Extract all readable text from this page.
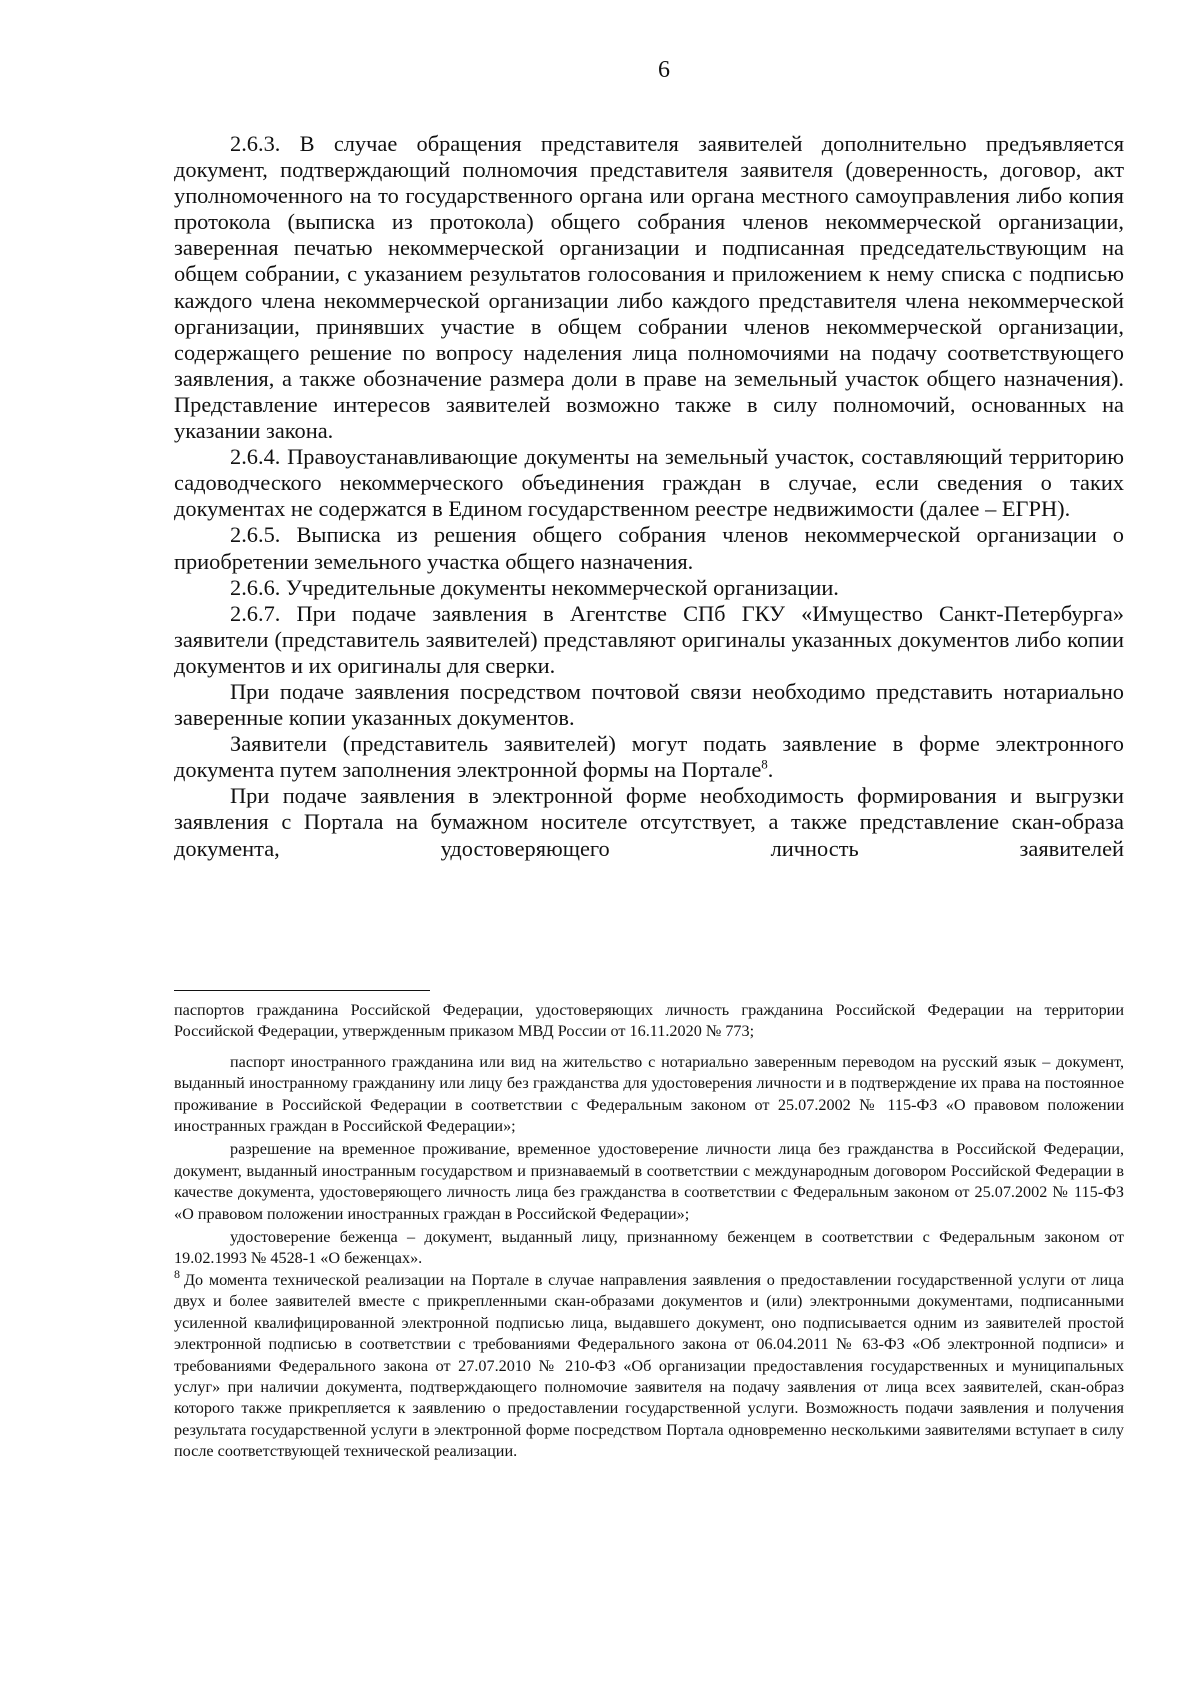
6

2.6.3. В случае обращения представителя заявителей дополнительно предъявляется документ, подтверждающий полномочия представителя заявителя (доверенность, договор, акт уполномоченного на то государственного органа или органа местного самоуправления либо копия протокола (выписка из протокола) общего собрания членов некоммерческой организации, заверенная печатью некоммерческой организации и подписанная председательствующим на общем собрании, с указанием результатов голосования и приложением к нему списка с подписью каждого члена некоммерческой организации либо каждого представителя члена некоммерческой организации, принявших участие в общем собрании членов некоммерческой организации, содержащего решение по вопросу наделения лица полномочиями на подачу соответствующего заявления, а также обозначение размера доли в праве на земельный участок общего назначения). Представление интересов заявителей возможно также в силу полномочий, основанных на указании закона.

2.6.4. Правоустанавливающие документы на земельный участок, составляющий территорию садоводческого некоммерческого объединения граждан в случае, если сведения о таких документах не содержатся в Едином государственном реестре недвижимости (далее – ЕГРН).

2.6.5. Выписка из решения общего собрания членов некоммерческой организации о приобретении земельного участка общего назначения.

2.6.6. Учредительные документы некоммерческой организации.

2.6.7. При подаче заявления в Агентстве СПб ГКУ «Имущество Санкт-Петербурга» заявители (представитель заявителей) представляют оригиналы указанных документов либо копии документов и их оригиналы для сверки.

При подаче заявления посредством почтовой связи необходимо представить нотариально заверенные копии указанных документов.

Заявители (представитель заявителей) могут подать заявление в форме электронного документа путем заполнения электронной формы на Портале$^8$.

При подаче заявления в электронной форме необходимость формирования и выгрузки заявления с Портала на бумажном носителе отсутствует, а также представление скан-образа документа, удостоверяющего личность заявителей

паспортов гражданина Российской Федерации, удостоверяющих личность гражданина Российской Федерации на территории Российской Федерации, утвержденным приказом МВД России от 16.11.2020 № 773;

паспорт иностранного гражданина или вид на жительство с нотариально заверенным переводом на русский язык – документ, выданный иностранному гражданину или лицу без гражданства для удостоверения личности и в подтверждение их права на постоянное проживание в Российской Федерации в соответствии с Федеральным законом от 25.07.2002 № 115-ФЗ «О правовом положении иностранных граждан в Российской Федерации»;

разрешение на временное проживание, временное удостоверение личности лица без гражданства в Российской Федерации, документ, выданный иностранным государством и признаваемый в соответствии с международным договором Российской Федерации в качестве документа, удостоверяющего личность лица без гражданства в соответствии с Федеральным законом от 25.07.2002 № 115-ФЗ «О правовом положении иностранных граждан в Российской Федерации»;

удостоверение беженца – документ, выданный лицу, признанному беженцем в соответствии с Федеральным законом от 19.02.1993 № 4528-1 «О беженцах».

$^8$ До момента технической реализации на Портале в случае направления заявления о предоставлении государственной услуги от лица двух и более заявителей вместе с прикрепленными скан-образами документов и (или) электронными документами, подписанными усиленной квалифицированной электронной подписью лица, выдавшего документ, оно подписывается одним из заявителей простой электронной подписью в соответствии с требованиями Федерального закона от 06.04.2011 № 63-ФЗ «Об электронной подписи» и требованиями Федерального закона от 27.07.2010 № 210-ФЗ «Об организации предоставления государственных и муниципальных услуг» при наличии документа, подтверждающего полномочие заявителя на подачу заявления от лица всех заявителей, скан-образ которого также прикрепляется к заявлению о предоставлении государственной услуги. Возможность подачи заявления и получения результата государственной услуги в электронной форме посредством Портала одновременно несколькими заявителями вступает в силу после соответствующей технической реализации.
